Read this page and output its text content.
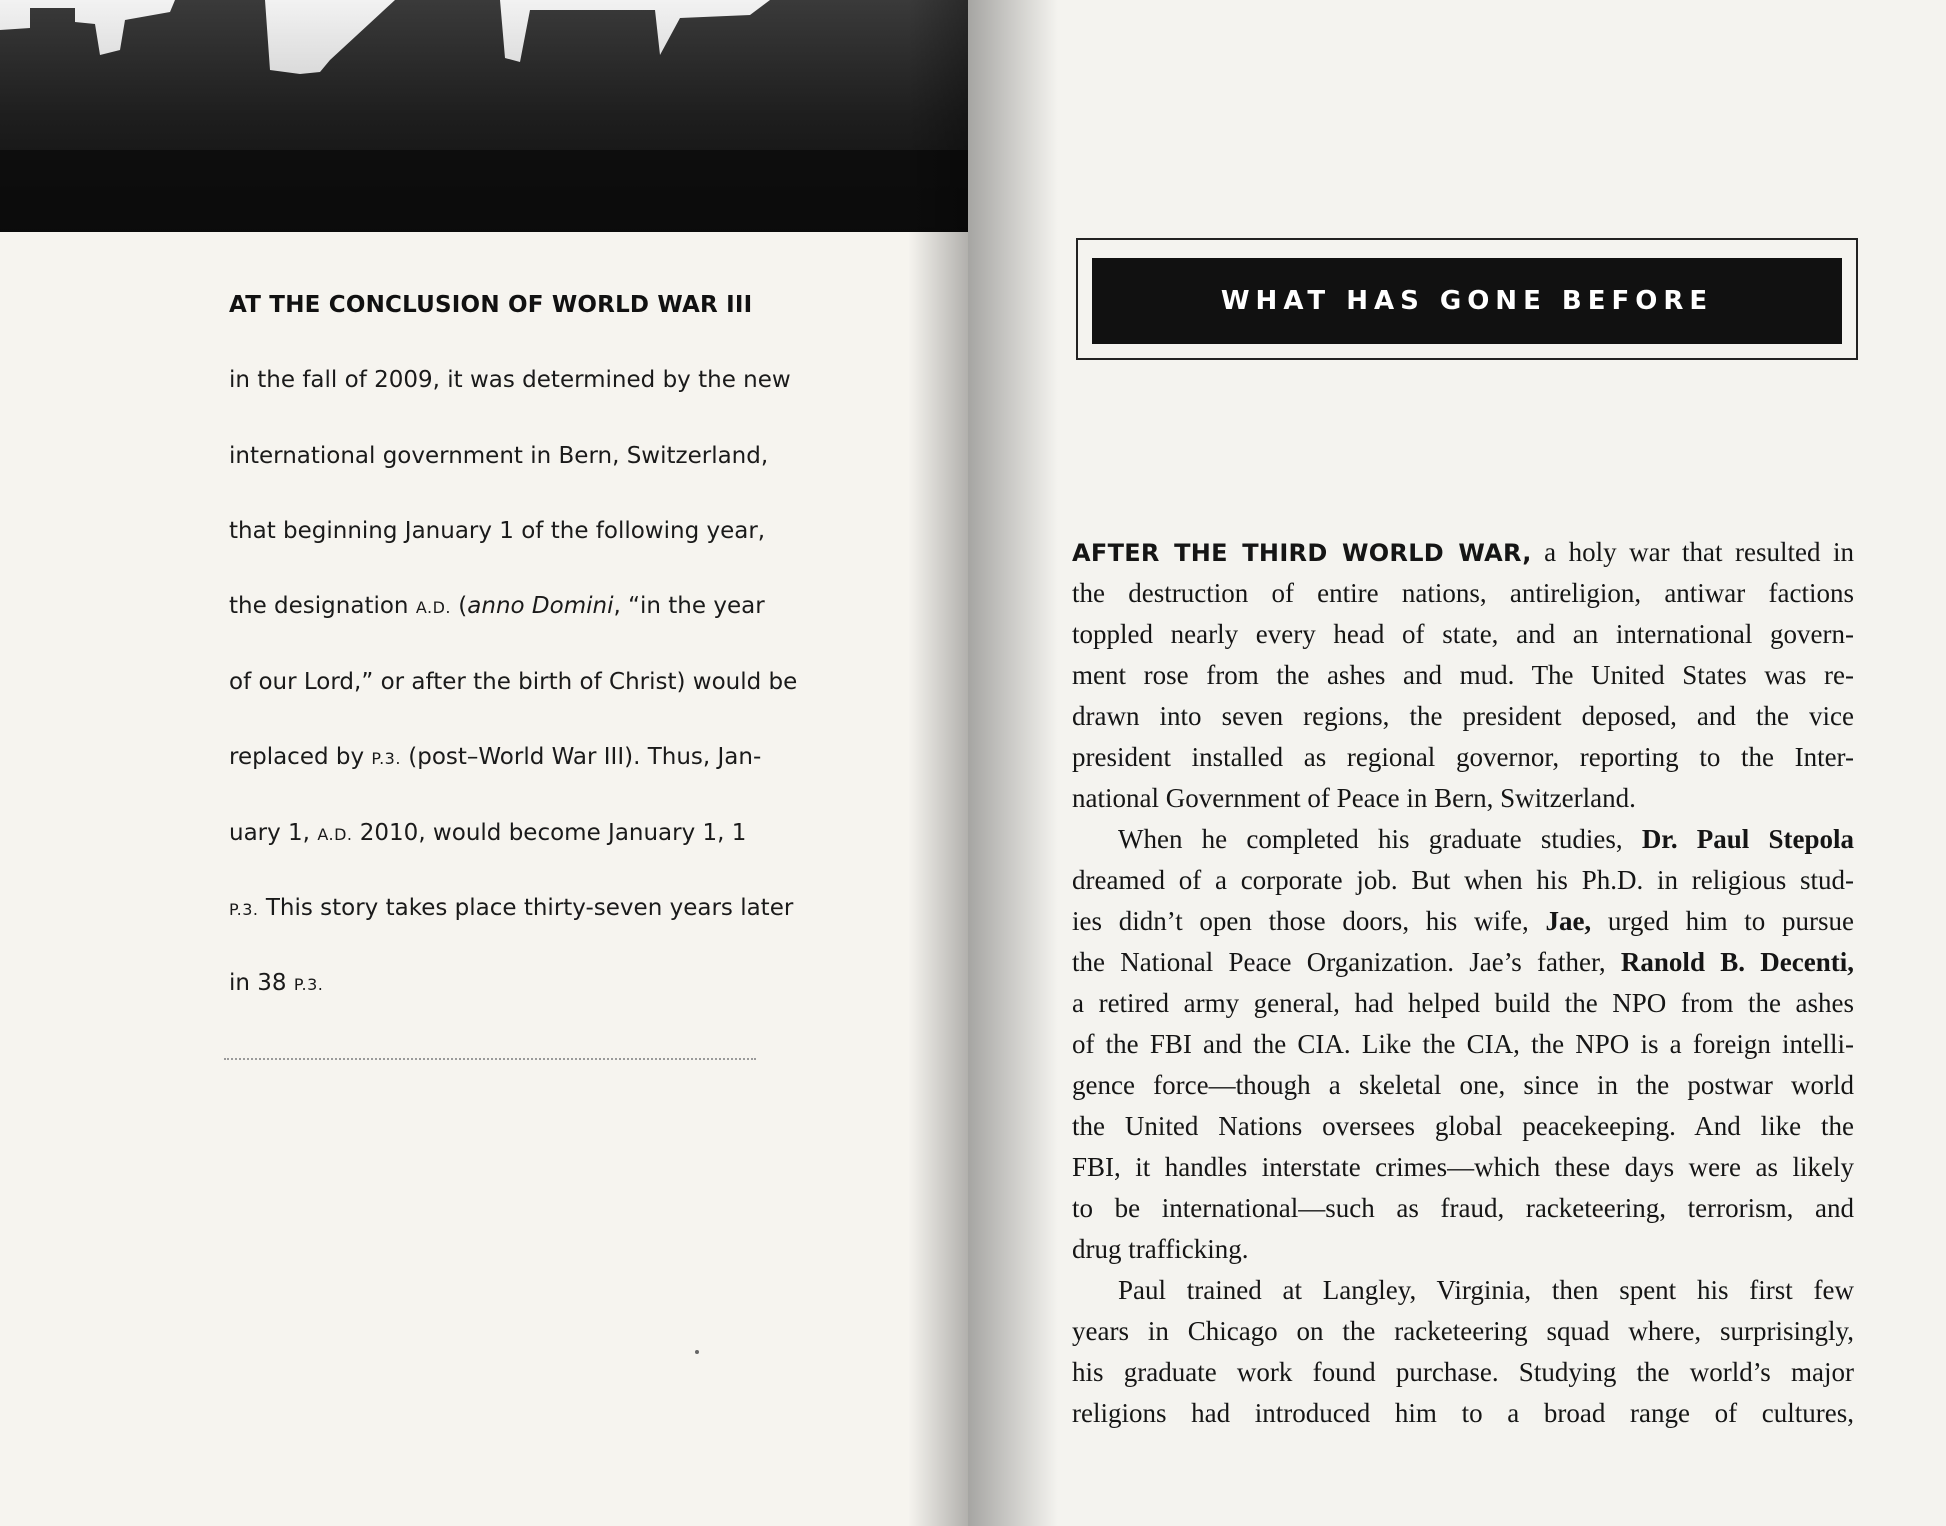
AT THE CONCLUSION OF WORLD WAR III
in the fall of 2009, it was determined by the new
international government in Bern, Switzerland,
that beginning January 1 of the following year,
the designation A.D. (anno Domini, “in the year
of our Lord,” or after the birth of Christ) would be
replaced by P.3. (post–World War III). Thus, Jan-
uary 1, A.D. 2010, would become January 1, 1
P.3. This story takes place thirty-seven years later
in 38 P.3.
WHAT HAS GONE BEFORE
AFTER THE THIRD WORLD WAR, a holy war that resulted in
the destruction of entire nations, antireligion, antiwar factions
toppled nearly every head of state, and an international govern-
ment rose from the ashes and mud. The United States was re-
drawn into seven regions, the president deposed, and the vice
president installed as regional governor, reporting to the Inter-
national Government of Peace in Bern, Switzerland.
When he completed his graduate studies, Dr. Paul Stepola
dreamed of a corporate job. But when his Ph.D. in religious stud-
ies didn’t open those doors, his wife, Jae, urged him to pursue
the National Peace Organization. Jae’s father, Ranold B. Decenti,
a retired army general, had helped build the NPO from the ashes
of the FBI and the CIA. Like the CIA, the NPO is a foreign intelli-
gence force—though a skeletal one, since in the postwar world
the United Nations oversees global peacekeeping. And like the
FBI, it handles interstate crimes—which these days were as likely
to be international—such as fraud, racketeering, terrorism, and
drug trafficking.
Paul trained at Langley, Virginia, then spent his first few
years in Chicago on the racketeering squad where, surprisingly,
his graduate work found purchase. Studying the world’s major
religions had introduced him to a broad range of cultures,
